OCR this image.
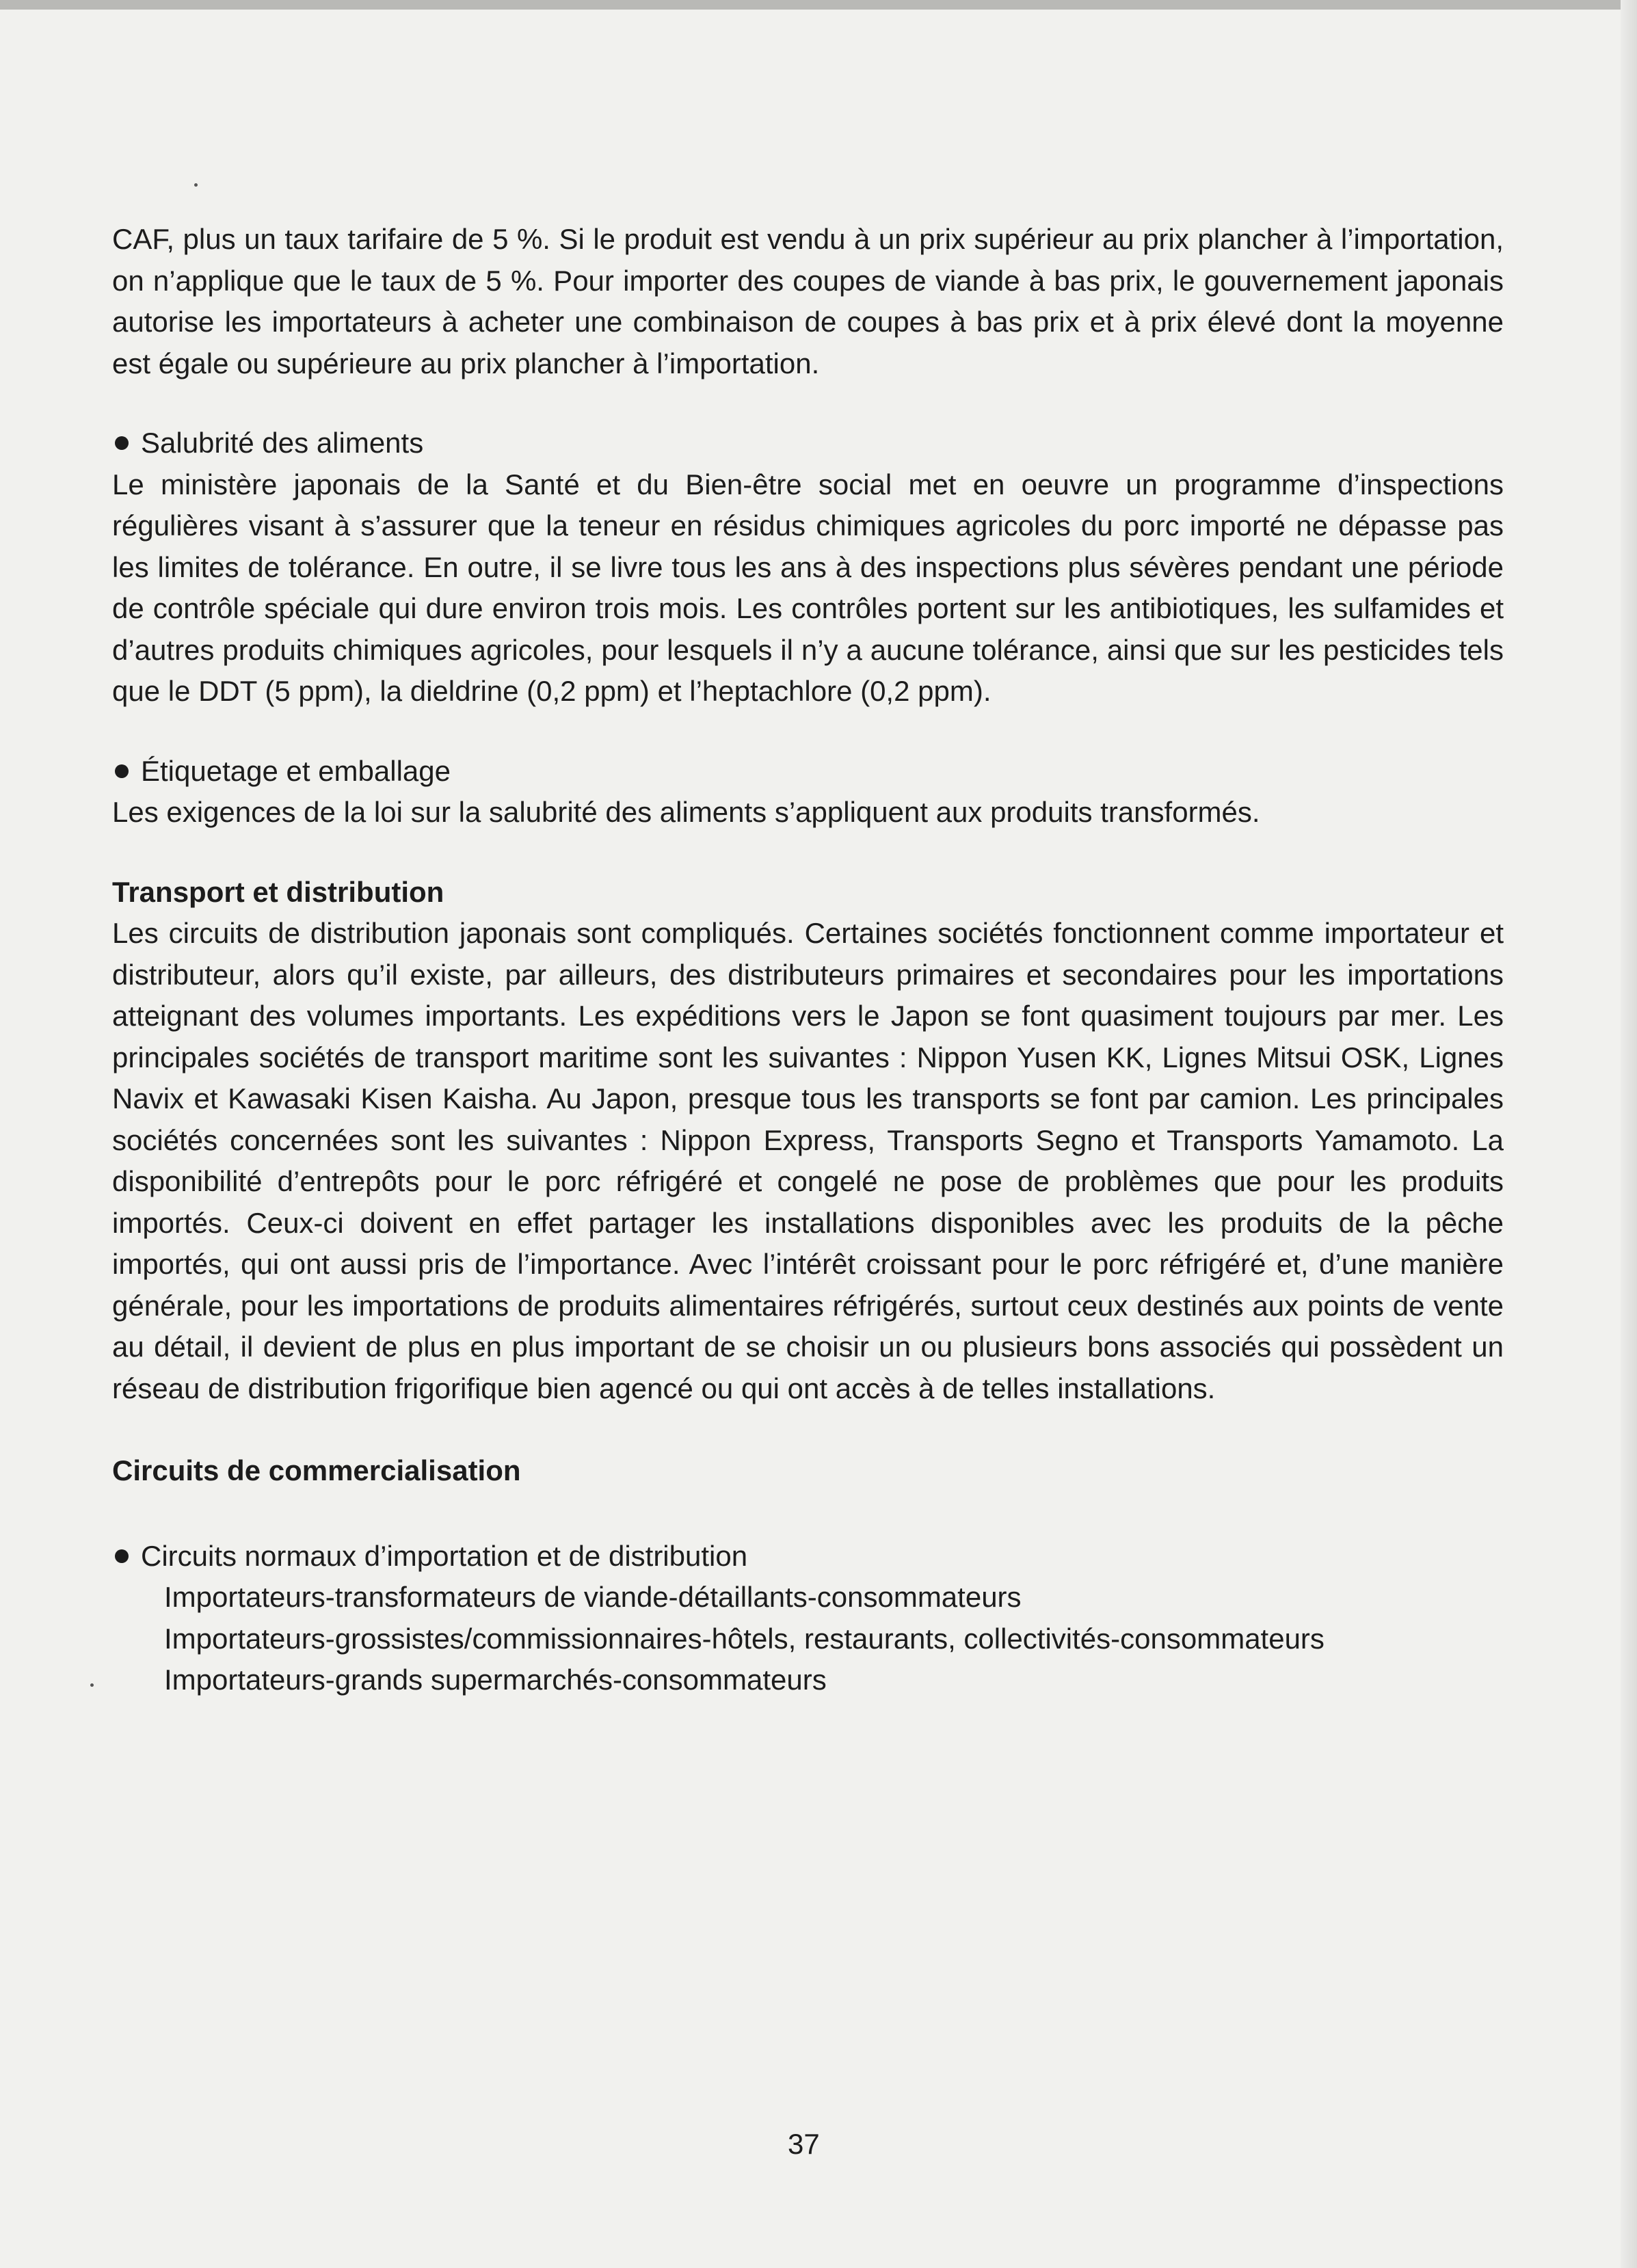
CAF, plus un taux tarifaire de 5 %. Si le produit est vendu à un prix supérieur au prix plancher à l’importation, on n’applique que le taux de 5 %. Pour importer des coupes de viande à bas prix, le gouvernement japonais autorise les importateurs à acheter une combinaison de coupes à bas prix et à prix élevé dont la moyenne est égale ou supérieure au prix plancher à l’importation.

Salubrité des aliments

Le ministère japonais de la Santé et du Bien-être social met en oeuvre un programme d’inspections régulières visant à s’assurer que la teneur en résidus chimiques agricoles du porc importé ne dépasse pas les limites de tolérance. En outre, il se livre tous les ans à des inspections plus sévères pendant une période de contrôle spéciale qui dure environ trois mois. Les contrôles portent sur les antibiotiques, les sulfamides et d’autres produits chimiques agricoles, pour lesquels il n’y a aucune tolérance, ainsi que sur les pesticides tels que le DDT (5 ppm), la dieldrine (0,2 ppm) et l’heptachlore (0,2 ppm).

Étiquetage et emballage

Les exigences de la loi sur la salubrité des aliments s’appliquent aux produits transformés.

Transport et distribution

Les circuits de distribution japonais sont compliqués. Certaines sociétés fonctionnent comme importateur et distributeur, alors qu’il existe, par ailleurs, des distributeurs primaires et secondaires pour les importations atteignant des volumes importants. Les expéditions vers le Japon se font quasiment toujours par mer. Les principales sociétés de transport maritime sont les suivantes : Nippon Yusen KK, Lignes Mitsui OSK, Lignes Navix et Kawasaki Kisen Kaisha. Au Japon, presque tous les transports se font par camion. Les principales sociétés concernées sont les suivantes : Nippon Express, Transports Segno et Transports Yamamoto. La disponibilité d’entrepôts pour le porc réfrigéré et congelé ne pose de problèmes que pour les produits importés. Ceux-ci doivent en effet partager les installations disponibles avec les produits de la pêche importés, qui ont aussi pris de l’importance. Avec l’intérêt croissant pour le porc réfrigéré et, d’une manière générale, pour les importations de produits alimentaires réfrigérés, surtout ceux destinés aux points de vente au détail, il devient de plus en plus important de se choisir un ou plusieurs bons associés qui possèdent un réseau de distribution frigorifique bien agencé ou qui ont accès à de telles installations.

Circuits de commercialisation

Circuits normaux d’importation et de distribution
Importateurs-transformateurs de viande-détaillants-consommateurs
Importateurs-grossistes/commissionnaires-hôtels, restaurants, collectivités-consommateurs
Importateurs-grands supermarchés-consommateurs
37
